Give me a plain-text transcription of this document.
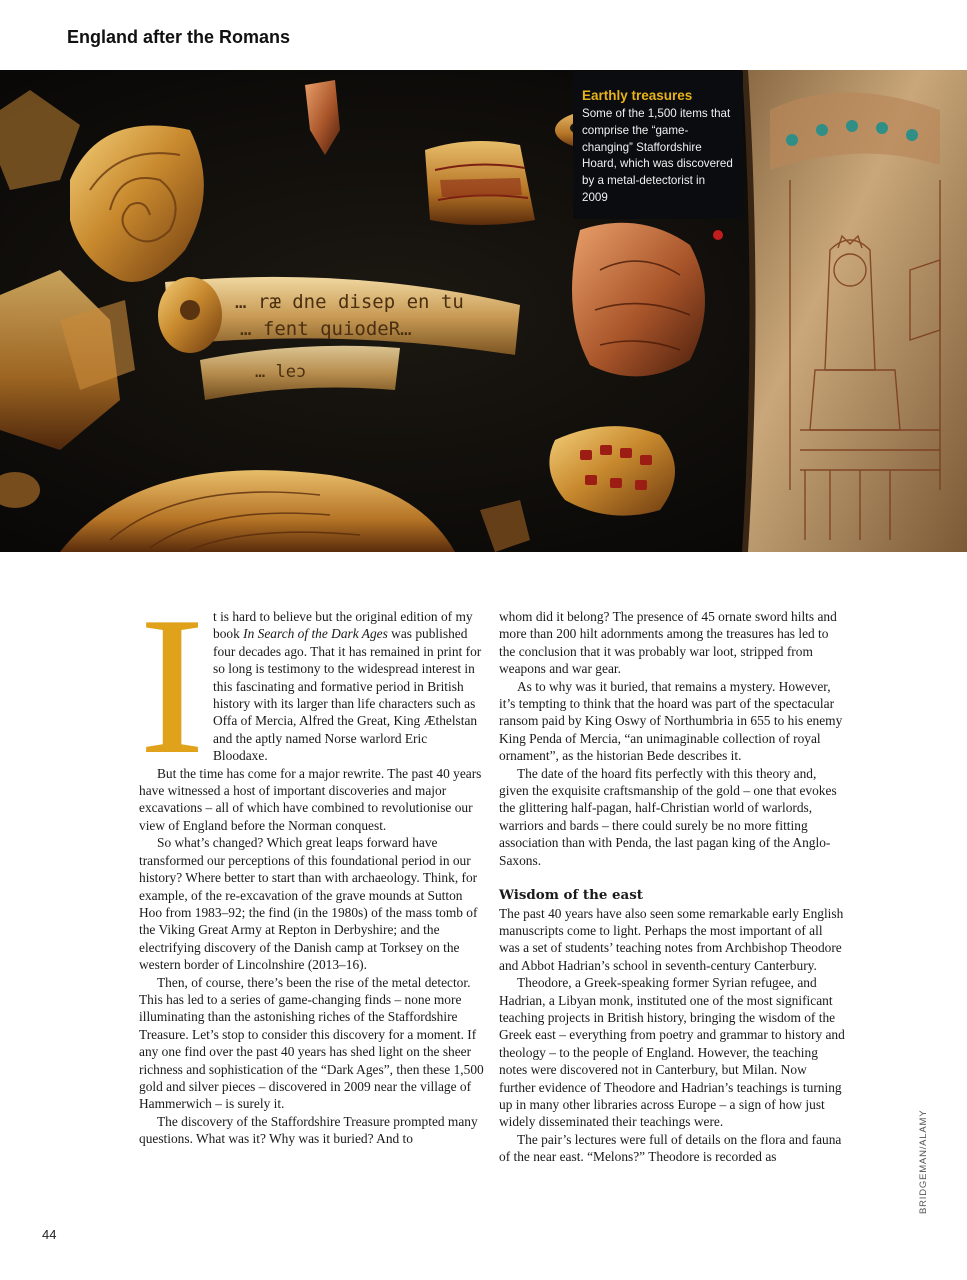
England after the Romans
… ræ dne disep en tu
… fent quiodeR…
… leɔ

Earthly treasures

Some of the 1,500 items that comprise the “game-changing” Staffordshire Hoard, which was discovered by a metal-detectorist in 2009

I t is hard to believe but the original edition of my book In Search of the Dark Ages was published four decades ago. That it has remained in print for so long is testimony to the widespread interest in this fascinating and formative period in British history with its larger than life characters such as Offa of Mercia, Alfred the Great, King Æthelstan and the aptly named Norse warlord Eric Bloodaxe.

But the time has come for a major rewrite. The past 40 years have witnessed a host of important discoveries and major excavations – all of which have combined to revolutionise our view of England before the Norman conquest.

So what’s changed? Which great leaps forward have transformed our perceptions of this foundational period in our history? Where better to start than with archaeology. Think, for example, of the re-excavation of the grave mounds at Sutton Hoo from 1983–92; the find (in the 1980s) of the mass tomb of the Viking Great Army at Repton in Derbyshire; and the electrifying discovery of the Danish camp at Torksey on the western border of Lincolnshire (2013–16).

Then, of course, there’s been the rise of the metal detector. This has led to a series of game-changing finds – none more illuminating than the astonishing riches of the Staffordshire Treasure. Let’s stop to consider this discovery for a moment. If any one find over the past 40 years has shed light on the sheer richness and sophistication of the “Dark Ages”, then these 1,500 gold and silver pieces – discovered in 2009 near the village of Hammerwich – is surely it.

The discovery of the Staffordshire Treasure prompted many questions. What was it? Why was it buried? And to

whom did it belong? The presence of 45 ornate sword hilts and more than 200 hilt adornments among the treasures has led to the conclusion that it was probably war loot, stripped from weapons and war gear.

As to why was it buried, that remains a mystery. However, it’s tempting to think that the hoard was part of the spectacular ransom paid by King Oswy of Northumbria in 655 to his enemy King Penda of Mercia, “an unimaginable collection of royal ornament”, as the historian Bede describes it.

The date of the hoard fits perfectly with this theory and, given the exquisite craftsmanship of the gold – one that evokes the glittering half-pagan, half-Christian world of warlords, warriors and bards – there could surely be no more fitting association than with Penda, the last pagan king of the Anglo-Saxons.

Wisdom of the east

The past 40 years have also seen some remarkable early English manuscripts come to light. Perhaps the most important of all was a set of students’ teaching notes from Archbishop Theodore and Abbot Hadrian’s school in seventh-century Canterbury.

Theodore, a Greek-speaking former Syrian refugee, and Hadrian, a Libyan monk, instituted one of the most significant teaching projects in British history, bringing the wisdom of the Greek east – everything from poetry and grammar to history and theology – to the people of England. However, the teaching notes were discovered not in Canterbury, but Milan. Now further evidence of Theodore and Hadrian’s teachings is turning up in many other libraries across Europe – a sign of how just widely disseminated their teachings were.

The pair’s lectures were full of details on the flora and fauna of the near east. “Melons?” Theodore is recorded as	BRIDGEMAN/ALAMY
44
